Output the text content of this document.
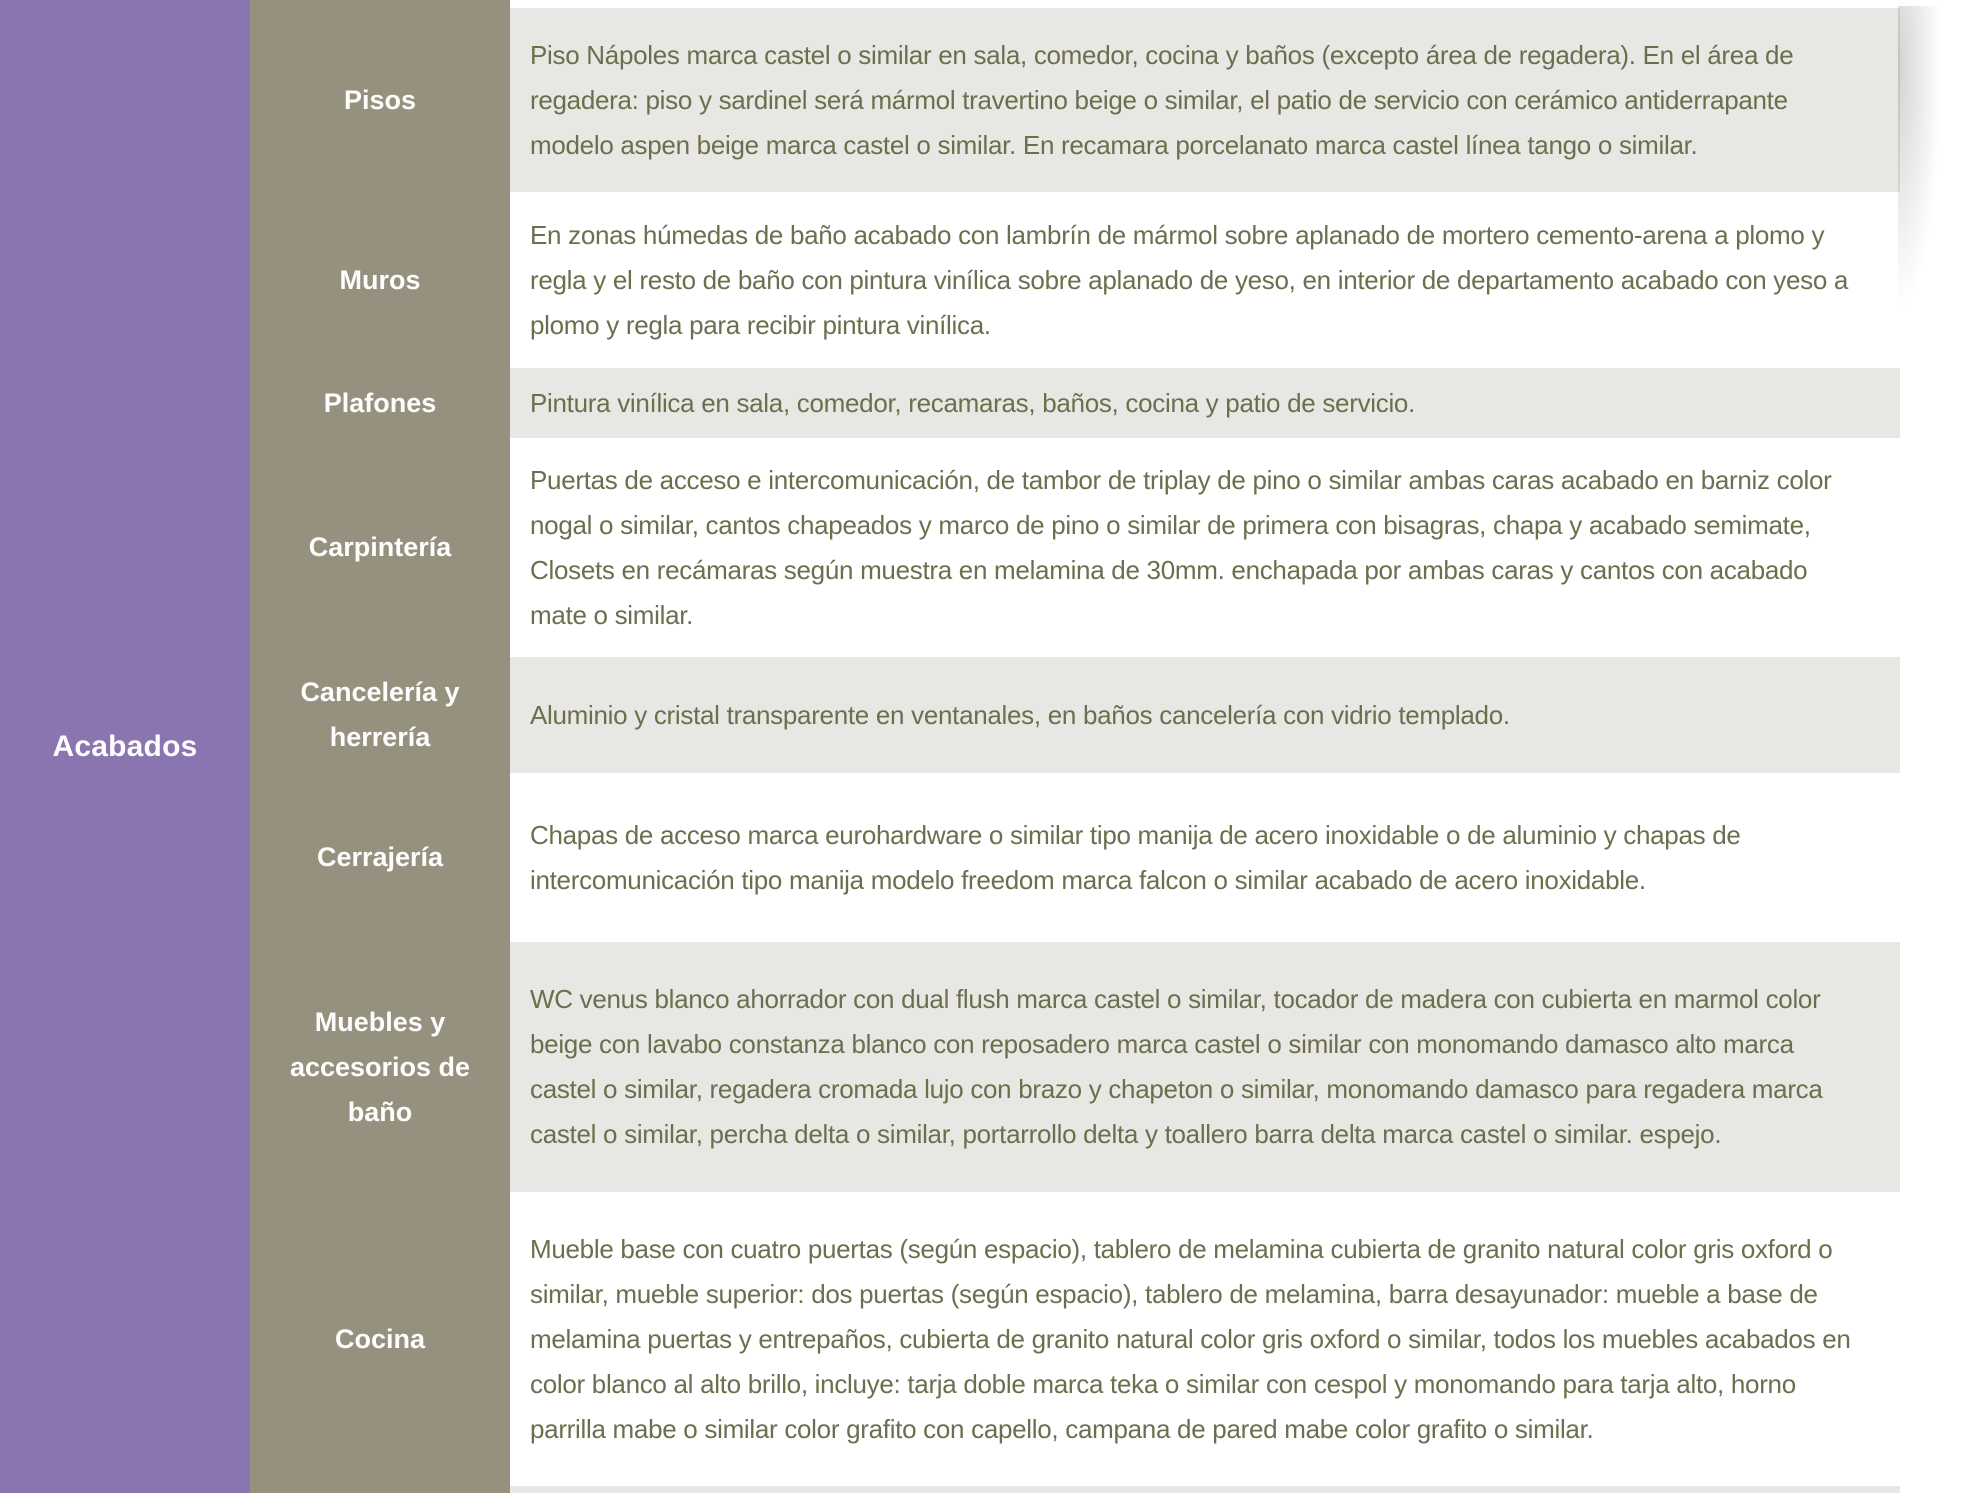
Acabados
Pisos
Piso Nápoles marca castel o similar en sala, comedor, cocina y baños (excepto área de regadera). En el área de regadera: piso y sardinel será mármol travertino beige o similar, el patio de servicio con cerámico antiderrapante modelo aspen beige marca castel o similar. En recamara porcelanato marca castel línea tango o similar.
Muros
En zonas húmedas de baño acabado con lambrín de mármol sobre aplanado de mortero cemento-arena a plomo y regla y el resto de baño con pintura vinílica sobre aplanado de yeso, en interior de departamento acabado con yeso a plomo y regla para recibir pintura vinílica.
Plafones	Pintura vinílica en sala, comedor, recamaras, baños, cocina y patio de servicio.
Carpintería
Puertas de acceso e intercomunicación, de tambor de triplay de pino o similar ambas caras acabado en barniz color nogal o similar, cantos chapeados y marco de pino o similar de primera con bisagras, chapa y acabado semimate, Closets en recámaras según muestra en melamina de 30mm. enchapada por ambas caras y cantos con acabado mate o similar.
Cancelería y herrería
Aluminio y cristal transparente en ventanales, en baños cancelería con vidrio templado.
Cerrajería
Chapas de acceso marca eurohardware o similar tipo manija de acero inoxidable o de aluminio y chapas de intercomunicación tipo manija modelo freedom marca falcon o similar acabado de acero inoxidable.
Muebles y accesorios de baño
WC venus blanco ahorrador con dual flush marca castel o similar, tocador de madera con cubierta en marmol color beige con lavabo constanza blanco con reposadero marca castel o similar con monomando damasco alto marca castel o similar, regadera cromada lujo con brazo y chapeton o similar, monomando damasco para regadera marca castel o similar, percha delta o similar, portarrollo delta y toallero barra delta marca castel o similar. espejo.
Cocina
Mueble base con cuatro puertas (según espacio), tablero de melamina cubierta de granito natural color gris oxford o similar, mueble superior: dos puertas (según espacio), tablero de melamina, barra desayunador: mueble a base de melamina puertas y entrepaños, cubierta de granito natural color gris oxford o similar, todos los muebles acabados en color blanco al alto brillo, incluye: tarja doble marca teka o similar con cespol y monomando para tarja alto, horno parrilla mabe o similar color grafito con capello, campana de pared mabe color grafito o similar.
